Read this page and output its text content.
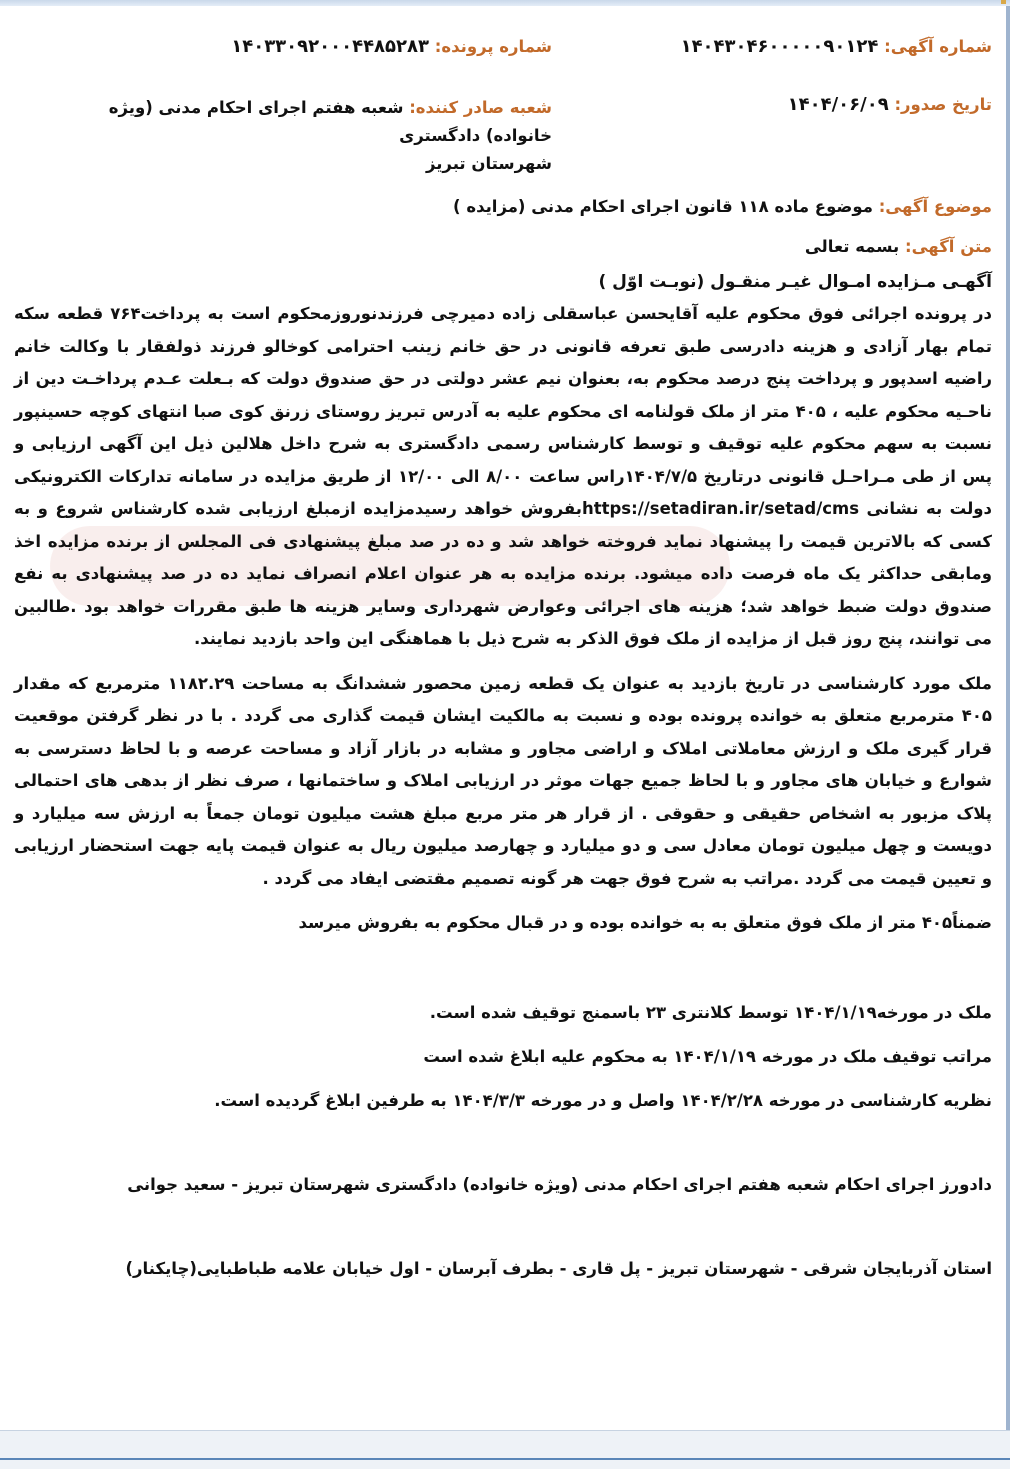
شماره آگهی: ۱۴۰۴۳۰۴۶۰۰۰۰۰۹۰۱۲۴
شماره پرونده: ۱۴۰۳۳۰۹۲۰۰۰۴۴۸۵۲۸۳
تاریخ صدور: ۱۴۰۴/۰۶/۰۹
شعبه صادر کننده: شعبه هفتم اجرای احکام مدنی (ویژه خانواده) دادگستری
شهرستان تبریز
موضوع آگهی: موضوع ماده ۱۱۸ قانون اجرای احکام مدنی (مزایده )
متن آگهی: بسمه تعالی
آگهـی مـزایده امـوال غیـر منقـول (نوبـت اوّل )

در پرونده اجرائی فوق محکوم علیه آقایحسن عباسقلی زاده دمیرچی فرزندنوروزمحکوم است به پرداخت۷۶۴ قطعه سکه تمام بهار آزادی و هزینه دادرسی طبق تعرفه قانونی در حق خانم زینب احترامی کوخالو فرزند ذولفقار با وکالت خانم راضیه اسدپور و پرداخت پنج درصد محکوم به، بعنوان نیم عشر دولتی در حق صندوق دولت که بـعلت عـدم پرداخـت دین از ناحـیه محکوم علیه ، ۴۰۵ متر از ملک قولنامه ای محکوم علیه به آدرس تبریز روستای زرنق کوی صبا انتهای کوچه حسینپور نسبت به سهم محکوم علیه توقیف و توسط کارشناس رسمی دادگستری به شرح داخل هلالین ذیل این آگهی ارزیابی و پس از طی مـراحـل قانونی درتاریخ ۱۴۰۴/۷/۵راس ساعت ۸/۰۰ الی ۱۲/۰۰ از طریق مزایده در سامانه تدارکات الکترونیکی دولت به نشانی https://setadiran.ir/setad/cmsبفروش خواهد رسیدمزایده ازمبلغ ارزیابی شده کارشناس شروع و به کسی که بالاترین قیمت را پیشنهاد نماید فروخته خواهد شد و ده در صد مبلغ پیشنهادی فی المجلس از برنده مزایده اخذ ومابقی حداکثر یک ماه فرصت داده میشود. برنده مزایده به هر عنوان اعلام انصراف نماید ده در صد پیشنهادی به نفع صندوق دولت ضبط خواهد شد؛ هزینه های اجرائی وعوارض شهرداری وسایر هزینه ها طبق مقررات خواهد بود .طالبین می توانند، پنج روز قبل از مزایده از ملک فوق الذکر به شرح ذیل با هماهنگی این واحد بازدید نمایند.

ملک مورد کارشناسی در تاریخ بازدید به عنوان یک قطعه زمین محصور ششدانگ به مساحت ۱۱۸۲.۲۹ مترمربع که مقدار ۴۰۵ مترمربع متعلق به خوانده پرونده بوده و نسبت به مالکیت ایشان قیمت گذاری می گردد . با در نظر گرفتن موقعیت قرار گیری ملک و ارزش معاملاتی املاک و اراضی مجاور و مشابه در بازار آزاد و مساحت عرصه و با لحاظ دسترسی به شوارع و خیابان های مجاور و با لحاظ جمیع جهات موثر در ارزیابی املاک و ساختمانها ، صرف نظر از بدهی های احتمالی پلاک مزبور به اشخاص حقیقی و حقوقی . از قرار هر متر مربع مبلغ هشت میلیون تومان جمعاً به ارزش سه میلیارد و دویست و چهل میلیون تومان معادل سی و دو میلیارد و چهارصد میلیون ریال به عنوان قیمت پایه جهت استحضار ارزیابی و تعیین قیمت می گردد .مراتب به شرح فوق جهت هر گونه تصمیم مقتضی ایفاد می گردد .
ضمناً۴۰۵ متر از ملک فوق متعلق به به خوانده بوده و در قبال محکوم به بفروش میرسد

ملک در مورخه۱۴۰۴/۱/۱۹ توسط کلانتری ۲۳ باسمنج توقیف شده است.

مراتب توقیف ملک در مورخه ۱۴۰۴/۱/۱۹ به محکوم علیه ابلاغ شده است

نظریه کارشناسی در مورخه ۱۴۰۴/۲/۲۸ واصل و در مورخه ۱۴۰۴/۳/۳ به طرفین ابلاغ گردیده است.

دادورز اجرای احکام شعبه هفتم اجرای احکام مدنی (ویژه خانواده) دادگستری شهرستان تبریز - سعید جوانی

استان آذربایجان شرقی - شهرستان تبریز - پل قاری - بطرف آبرسان - اول خیابان علامه طباطبایی(چایکنار)
